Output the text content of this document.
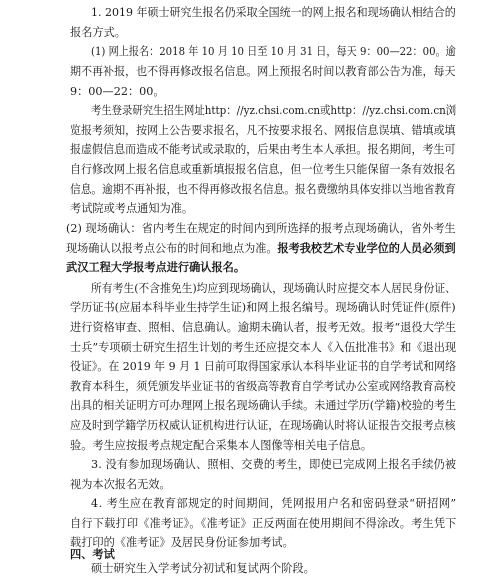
1. 2019 年硕士研究生报名仍采取全国统一的网上报名和现场确认相结合的
报名方式。
(1) 网上报名：2018 年 10 月 10 日至 10 月 31 日，每天 9：00—22：00。逾
期不再补报，也不得再修改报名信息。网上预报名时间以教育部公告为准，每天
9：00—22：00。
考生登录研究生招生网址http：//yz.chsi.com.cn或http：//yz.chsi.com.cn浏
览报考须知，按网上公告要求报名，凡不按要求报名、网报信息误填、错填或填
报虚假信息而造成不能考试或录取的，后果由考生本人承担。报名期间，考生可
自行修改网上报名信息或重新填报报名信息，但一位考生只能保留一条有效报名
信息。逾期不再补报，也不得再修改报名信息。报名费缴纳具体安排以当地省教育
考试院或考点通知为准。
(2) 现场确认：省内考生在规定的时间内到所选择的报考点现场确认，省外考生
现场确认以报考点公布的时间和地点为准。报考我校艺术专业学位的人员必须到
武汉工程大学报考点进行确认报名。
所有考生(不含推免生)均应到现场确认，现场确认时应提交本人居民身份证、
学历证书(应届本科毕业生持学生证)和网上报名编号。现场确认时凭证件(原件)
进行资格审查、照相、信息确认。逾期未确认者，报考无效。报考“退役大学生
士兵”专项硕士研究生招生计划的考生还应提交本人《入伍批准书》和《退出现
役证》。在 2019 年 9 月 1 日前可取得国家承认本科毕业证书的自学考试和网络
教育本科生，须凭颁发毕业证书的省级高等教育自学考试办公室或网络教育高校
出具的相关证明方可办理网上报名现场确认手续。未通过学历(学籍)校验的考生
应及时到学籍学历权威认证机构进行认证，在现场确认时将认证报告交报考点核
验。考生应按报考点规定配合采集本人图像等相关电子信息。
3. 没有参加现场确认、照相、交费的考生，即使已完成网上报名手续仍被
视为本次报名无效。
4. 考生应在教育部规定的时间期间，凭网报用户名和密码登录“研招网”
自行下载打印《准考证》。《准考证》正反两面在使用期间不得涂改。考生凭下
载打印的《准考证》及居民身份证参加考试。
四、考试
硕士研究生入学考试分初试和复试两个阶段。
